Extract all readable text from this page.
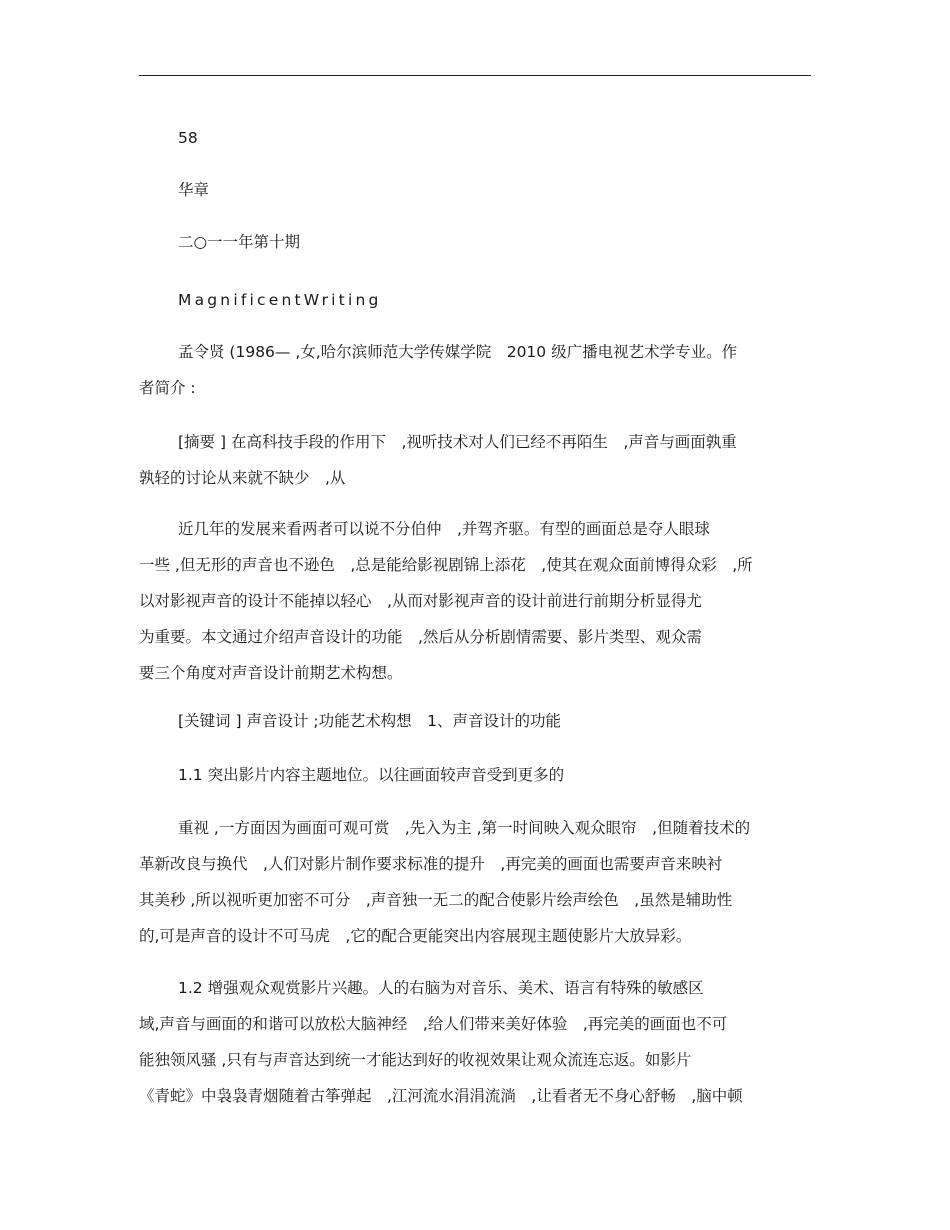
58
华章
二○一一年第十期
MagnificentWriting
孟令贤 (1986— ,女,哈尔滨师范大学传媒学院　2010 级广播电视艺术学专业。作
者简介 :
[摘要 ] 在高科技手段的作用下　,视听技术对人们已经不再陌生　,声音与画面孰重
孰轻的讨论从来就不缺少　,从
近几年的发展来看两者可以说不分伯仲　,并驾齐驱。有型的画面总是夺人眼球
一些 ,但无形的声音也不逊色　,总是能给影视剧锦上添花　,使其在观众面前博得众彩　,所
以对影视声音的设计不能掉以轻心　,从而对影视声音的设计前进行前期分析显得尤
为重要。本文通过介绍声音设计的功能　,然后从分析剧情需要、影片类型、观众需
要三个角度对声音设计前期艺术构想。
[关键词 ] 声音设计 ;功能艺术构想　1、声音设计的功能
1.1 突出影片内容主题地位。以往画面较声音受到更多的
重视 ,一方面因为画面可观可赏　,先入为主 ,第一时间映入观众眼帘　,但随着技术的
革新改良与换代　,人们对影片制作要求标准的提升　,再完美的画面也需要声音来映衬
其美秒 ,所以视听更加密不可分　,声音独一无二的配合使影片绘声绘色　,虽然是辅助性
的,可是声音的设计不可马虎　,它的配合更能突出内容展现主题使影片大放异彩。
1.2 增强观众观赏影片兴趣。人的右脑为对音乐、美术、语言有特殊的敏感区
域,声音与画面的和谐可以放松大脑神经　,给人们带来美好体验　,再完美的画面也不可
能独领风骚 ,只有与声音达到统一才能达到好的收视效果让观众流连忘返。如影片
《青蛇》中袅袅青烟随着古筝弹起　,江河流水涓涓流淌　,让看者无不身心舒畅　,脑中顿
